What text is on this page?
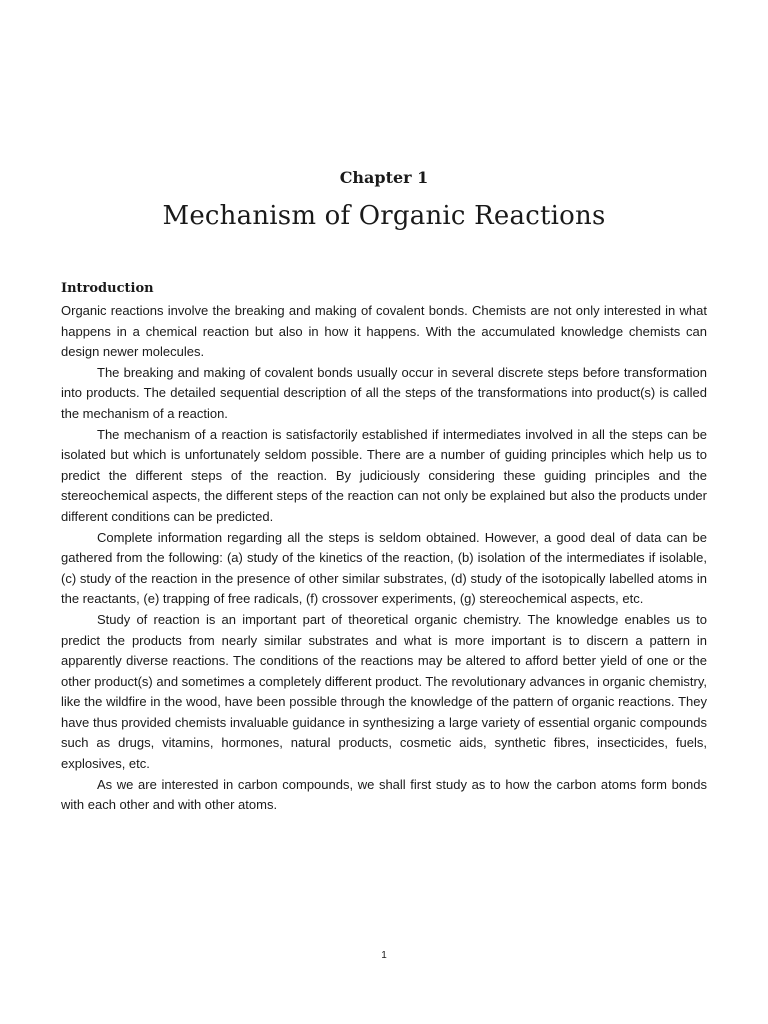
Chapter 1
Mechanism of Organic Reactions
Introduction

Organic reactions involve the breaking and making of covalent bonds. Chemists are not only interested in what happens in a chemical reaction but also in how it happens. With the accumulated knowledge chemists can design newer molecules.

The breaking and making of covalent bonds usually occur in several discrete steps before transformation into products. The detailed sequential description of all the steps of the transformations into product(s) is called the mechanism of a reaction.

The mechanism of a reaction is satisfactorily established if intermediates involved in all the steps can be isolated but which is unfortunately seldom possible. There are a number of guiding principles which help us to predict the different steps of the reaction. By judiciously considering these guiding principles and the stereochemical aspects, the different steps of the reaction can not only be explained but also the products under different conditions can be predicted.

Complete information regarding all the steps is seldom obtained. However, a good deal of data can be gathered from the following: (a) study of the kinetics of the reaction, (b) isolation of the intermediates if isolable, (c) study of the reaction in the presence of other similar substrates, (d) study of the isotopically labelled atoms in the reactants, (e) trapping of free radicals, (f) crossover experiments, (g) stereochemical aspects, etc.

Study of reaction is an important part of theoretical organic chemistry. The knowledge enables us to predict the products from nearly similar substrates and what is more important is to discern a pattern in apparently diverse reactions. The conditions of the reactions may be altered to afford better yield of one or the other product(s) and sometimes a completely different product. The revolutionary advances in organic chemistry, like the wildfire in the wood, have been possible through the knowledge of the pattern of organic reactions. They have thus provided chemists invaluable guidance in synthesizing a large variety of essential organic compounds such as drugs, vitamins, hormones, natural products, cosmetic aids, synthetic fibres, insecticides, fuels, explosives, etc.

As we are interested in carbon compounds, we shall first study as to how the carbon atoms form bonds with each other and with other atoms.

1
